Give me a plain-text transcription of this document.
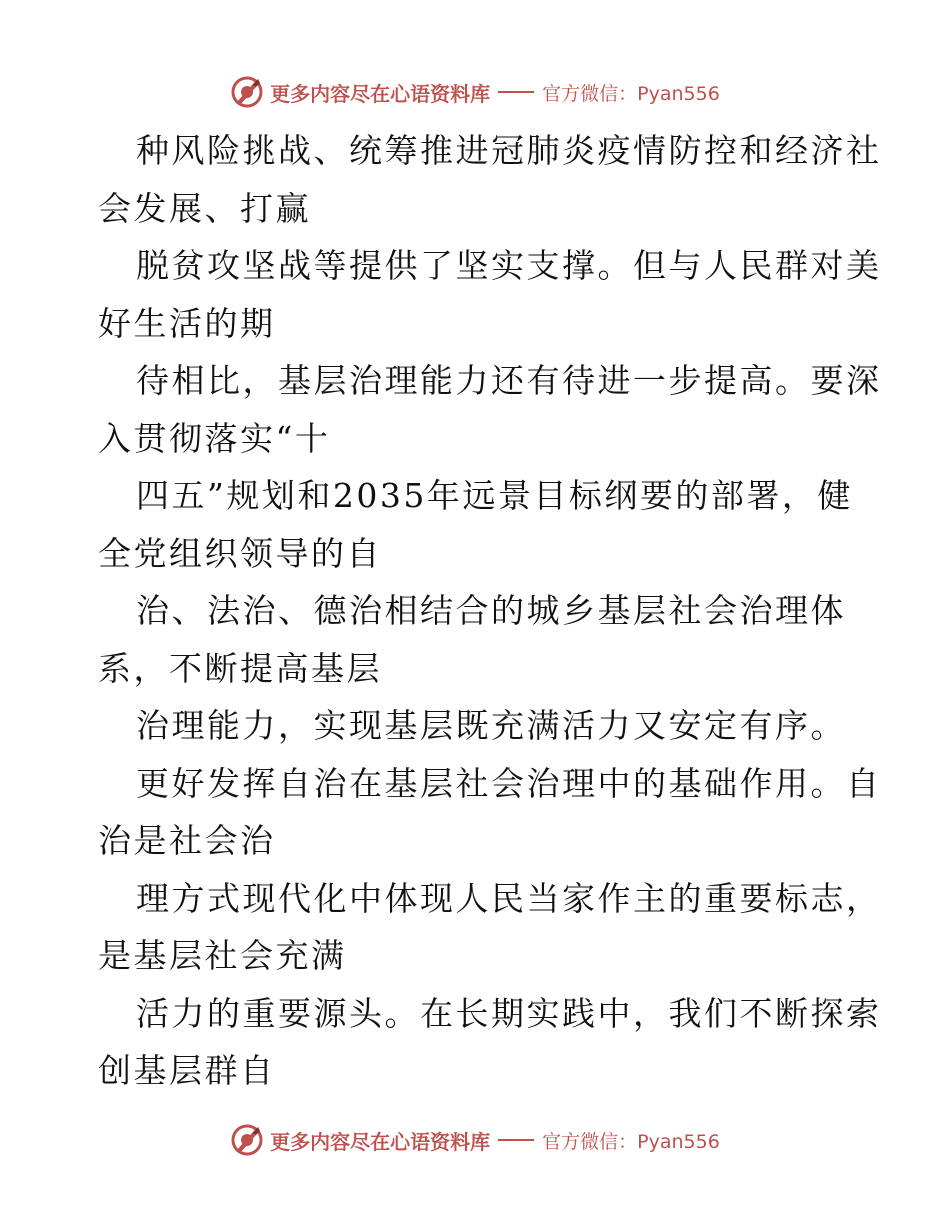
更多内容尽在心语资料库	官方微信：Pyan556
种风险挑战、统筹推进冠肺炎疫情防控和经济社
会发展、打赢
脱贫攻坚战等提供了坚实支撑。但与人民群对美
好生活的期
待相比，基层治理能力还有待进一步提高。要深
入贯彻落实“十
四五”规划和2035年远景目标纲要的部署，健
全党组织领导的自
治、法治、德治相结合的城乡基层社会治理体
系，不断提高基层
治理能力，实现基层既充满活力又安定有序。
更好发挥自治在基层社会治理中的基础作用。自
治是社会治
理方式现代化中体现人民当家作主的重要标志，
是基层社会充满
活力的重要源头。在长期实践中，我们不断探索
创基层群自
更多内容尽在心语资料库	官方微信：Pyan556
